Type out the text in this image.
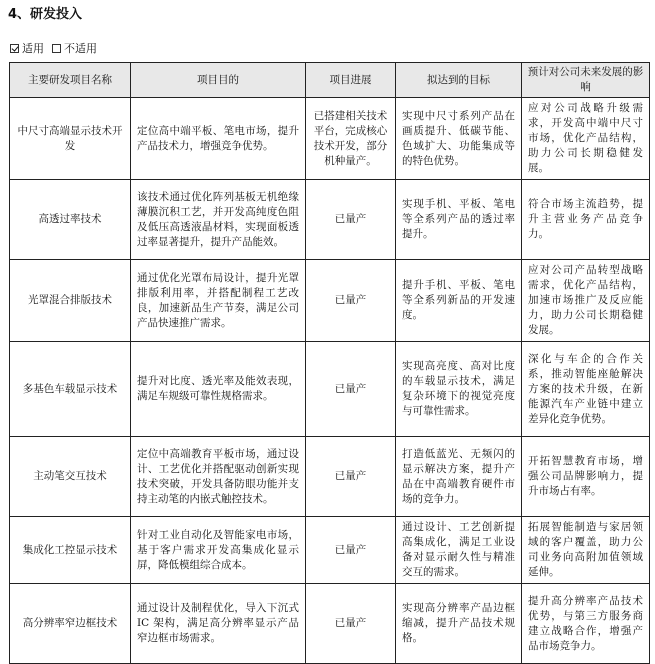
4、研发投入
适用 不适用
主要研发项目名称	项目目的	项目进展	拟达到的目标	预计对公司未来发展的影响
中尺寸高端显示技术开发	定位高中端平板、笔电市场，提升产品技术力，增强竞争优势。	已搭建相关技术平台，完成核心技术开发，部分机种量产。	实现中尺寸系列产品在画质提升、低碳节能、色域扩大、功能集成等的特色优势。	应对公司战略升级需求，开发高中端中尺寸市场，优化产品结构，助力公司长期稳健发展。
高透过率技术	该技术通过优化阵列基板无机绝缘薄膜沉积工艺，并开发高纯度色阻及低压高透液晶材料，实现面板透过率显著提升，提升产品能效。	已量产	实现手机、平板、笔电等全系列产品的透过率提升。	符合市场主流趋势，提升主营业务产品竞争力。
光罩混合排版技术	通过优化光罩布局设计，提升光罩排版利用率，并搭配制程工艺改良，加速新品生产节奏，满足公司产品快速推广需求。	已量产	提升手机、平板、笔电等全系列新品的开发速度。	应对公司产品转型战略需求，优化产品结构，加速市场推广及反应能力，助力公司长期稳健发展。
多基色车载显示技术	提升对比度、透光率及能效表现，满足车规级可靠性规格需求。	已量产	实现高亮度、高对比度的车载显示技术，满足复杂环境下的视觉亮度与可靠性需求。	深化与车企的合作关系，推动智能座舱解决方案的技术升级，在新能源汽车产业链中建立差异化竞争优势。
主动笔交互技术	定位中高端教育平板市场，通过设计、工艺优化并搭配驱动创新实现技术突破，开发具备防眼功能并支持主动笔的内嵌式触控技术。	已量产	打造低蓝光、无频闪的显示解决方案，提升产品在中高端教育硬件市场的竞争力。	开拓智慧教育市场，增强公司品牌影响力，提升市场占有率。
集成化工控显示技术	针对工业自动化及智能家电市场，基于客户需求开发高集成化显示屏，降低模组综合成本。	已量产	通过设计、工艺创新提高集成化，满足工业设备对显示耐久性与精准交互的需求。	拓展智能制造与家居领域的客户覆盖，助力公司业务向高附加值领域延伸。
高分辨率窄边框技术	通过设计及制程优化，导入下沉式 IC 架构，满足高分辨率显示产品窄边框市场需求。	已量产	实现高分辨率产品边框缩减，提升产品技术规格。	提升高分辨率产品技术优势，与第三方服务商建立战略合作，增强产品市场竞争力。
